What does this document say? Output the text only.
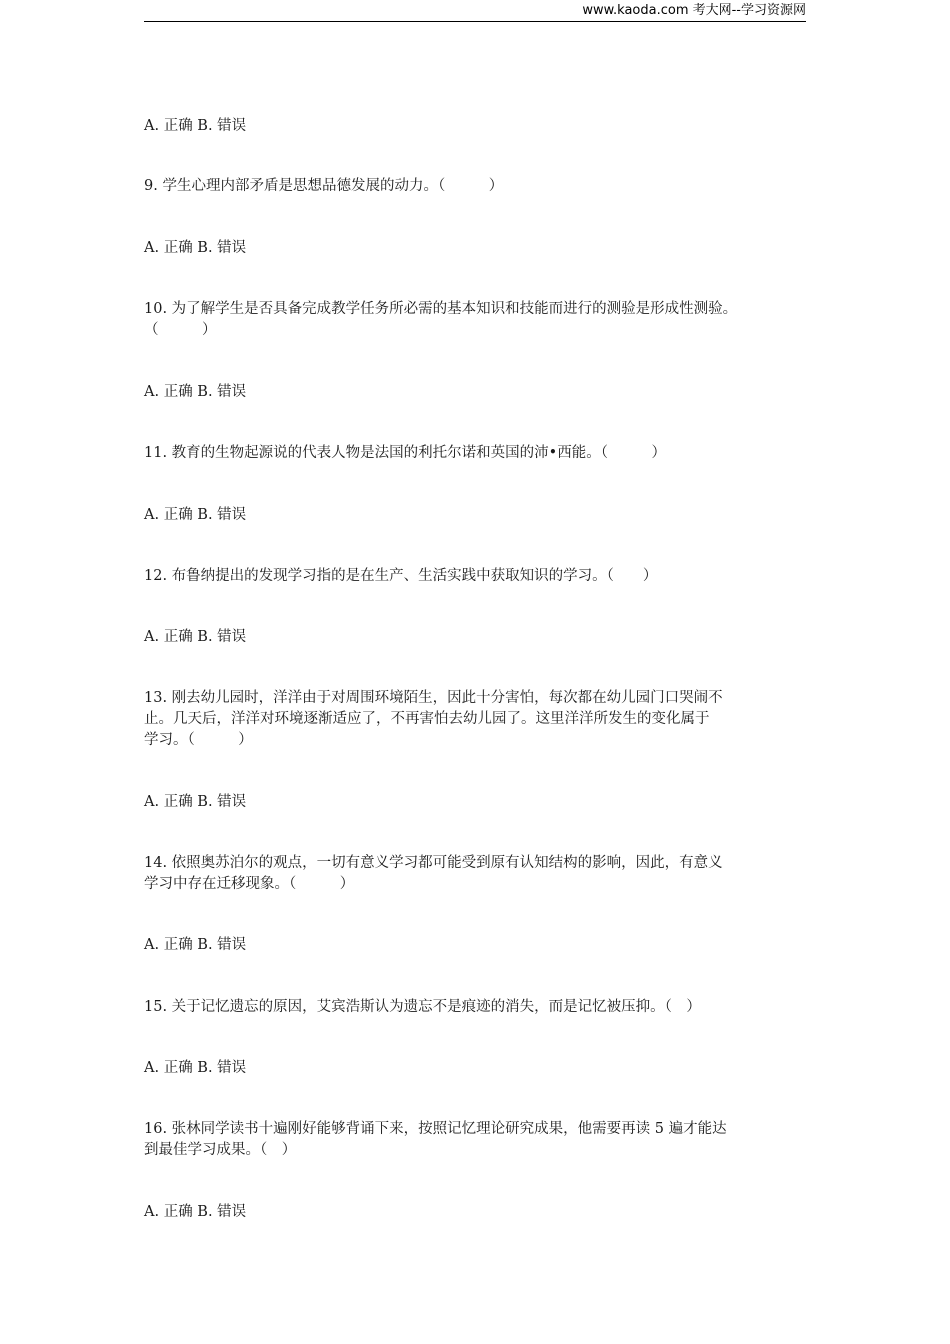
www.kaoda.com 考大网--学习资源网
A. 正确 B. 错误
9. 学生心理内部矛盾是思想品德发展的动力。（　　　）
A. 正确 B. 错误
10. 为了解学生是否具备完成教学任务所必需的基本知识和技能而进行的测验是形成性测验。
（　　　）
A. 正确 B. 错误
11. 教育的生物起源说的代表人物是法国的利托尔诺和英国的沛•西能。（　　　）
A. 正确 B. 错误
12. 布鲁纳提出的发现学习指的是在生产、生活实践中获取知识的学习。（　　）
A. 正确 B. 错误
13. 刚去幼儿园时，洋洋由于对周围环境陌生，因此十分害怕，每次都在幼儿园门口哭闹不
止。几天后，洋洋对环境逐渐适应了，不再害怕去幼儿园了。这里洋洋所发生的变化属于
学习。（　　　）
A. 正确 B. 错误
14. 依照奥苏泊尔的观点，一切有意义学习都可能受到原有认知结构的影响，因此，有意义
学习中存在迁移现象。（　　　）
A. 正确 B. 错误
15. 关于记忆遗忘的原因，艾宾浩斯认为遗忘不是痕迹的消失，而是记忆被压抑。（　）
A. 正确 B. 错误
16. 张林同学读书十遍刚好能够背诵下来，按照记忆理论研究成果，他需要再读 5 遍才能达
到最佳学习成果。（　）
A. 正确 B. 错误
